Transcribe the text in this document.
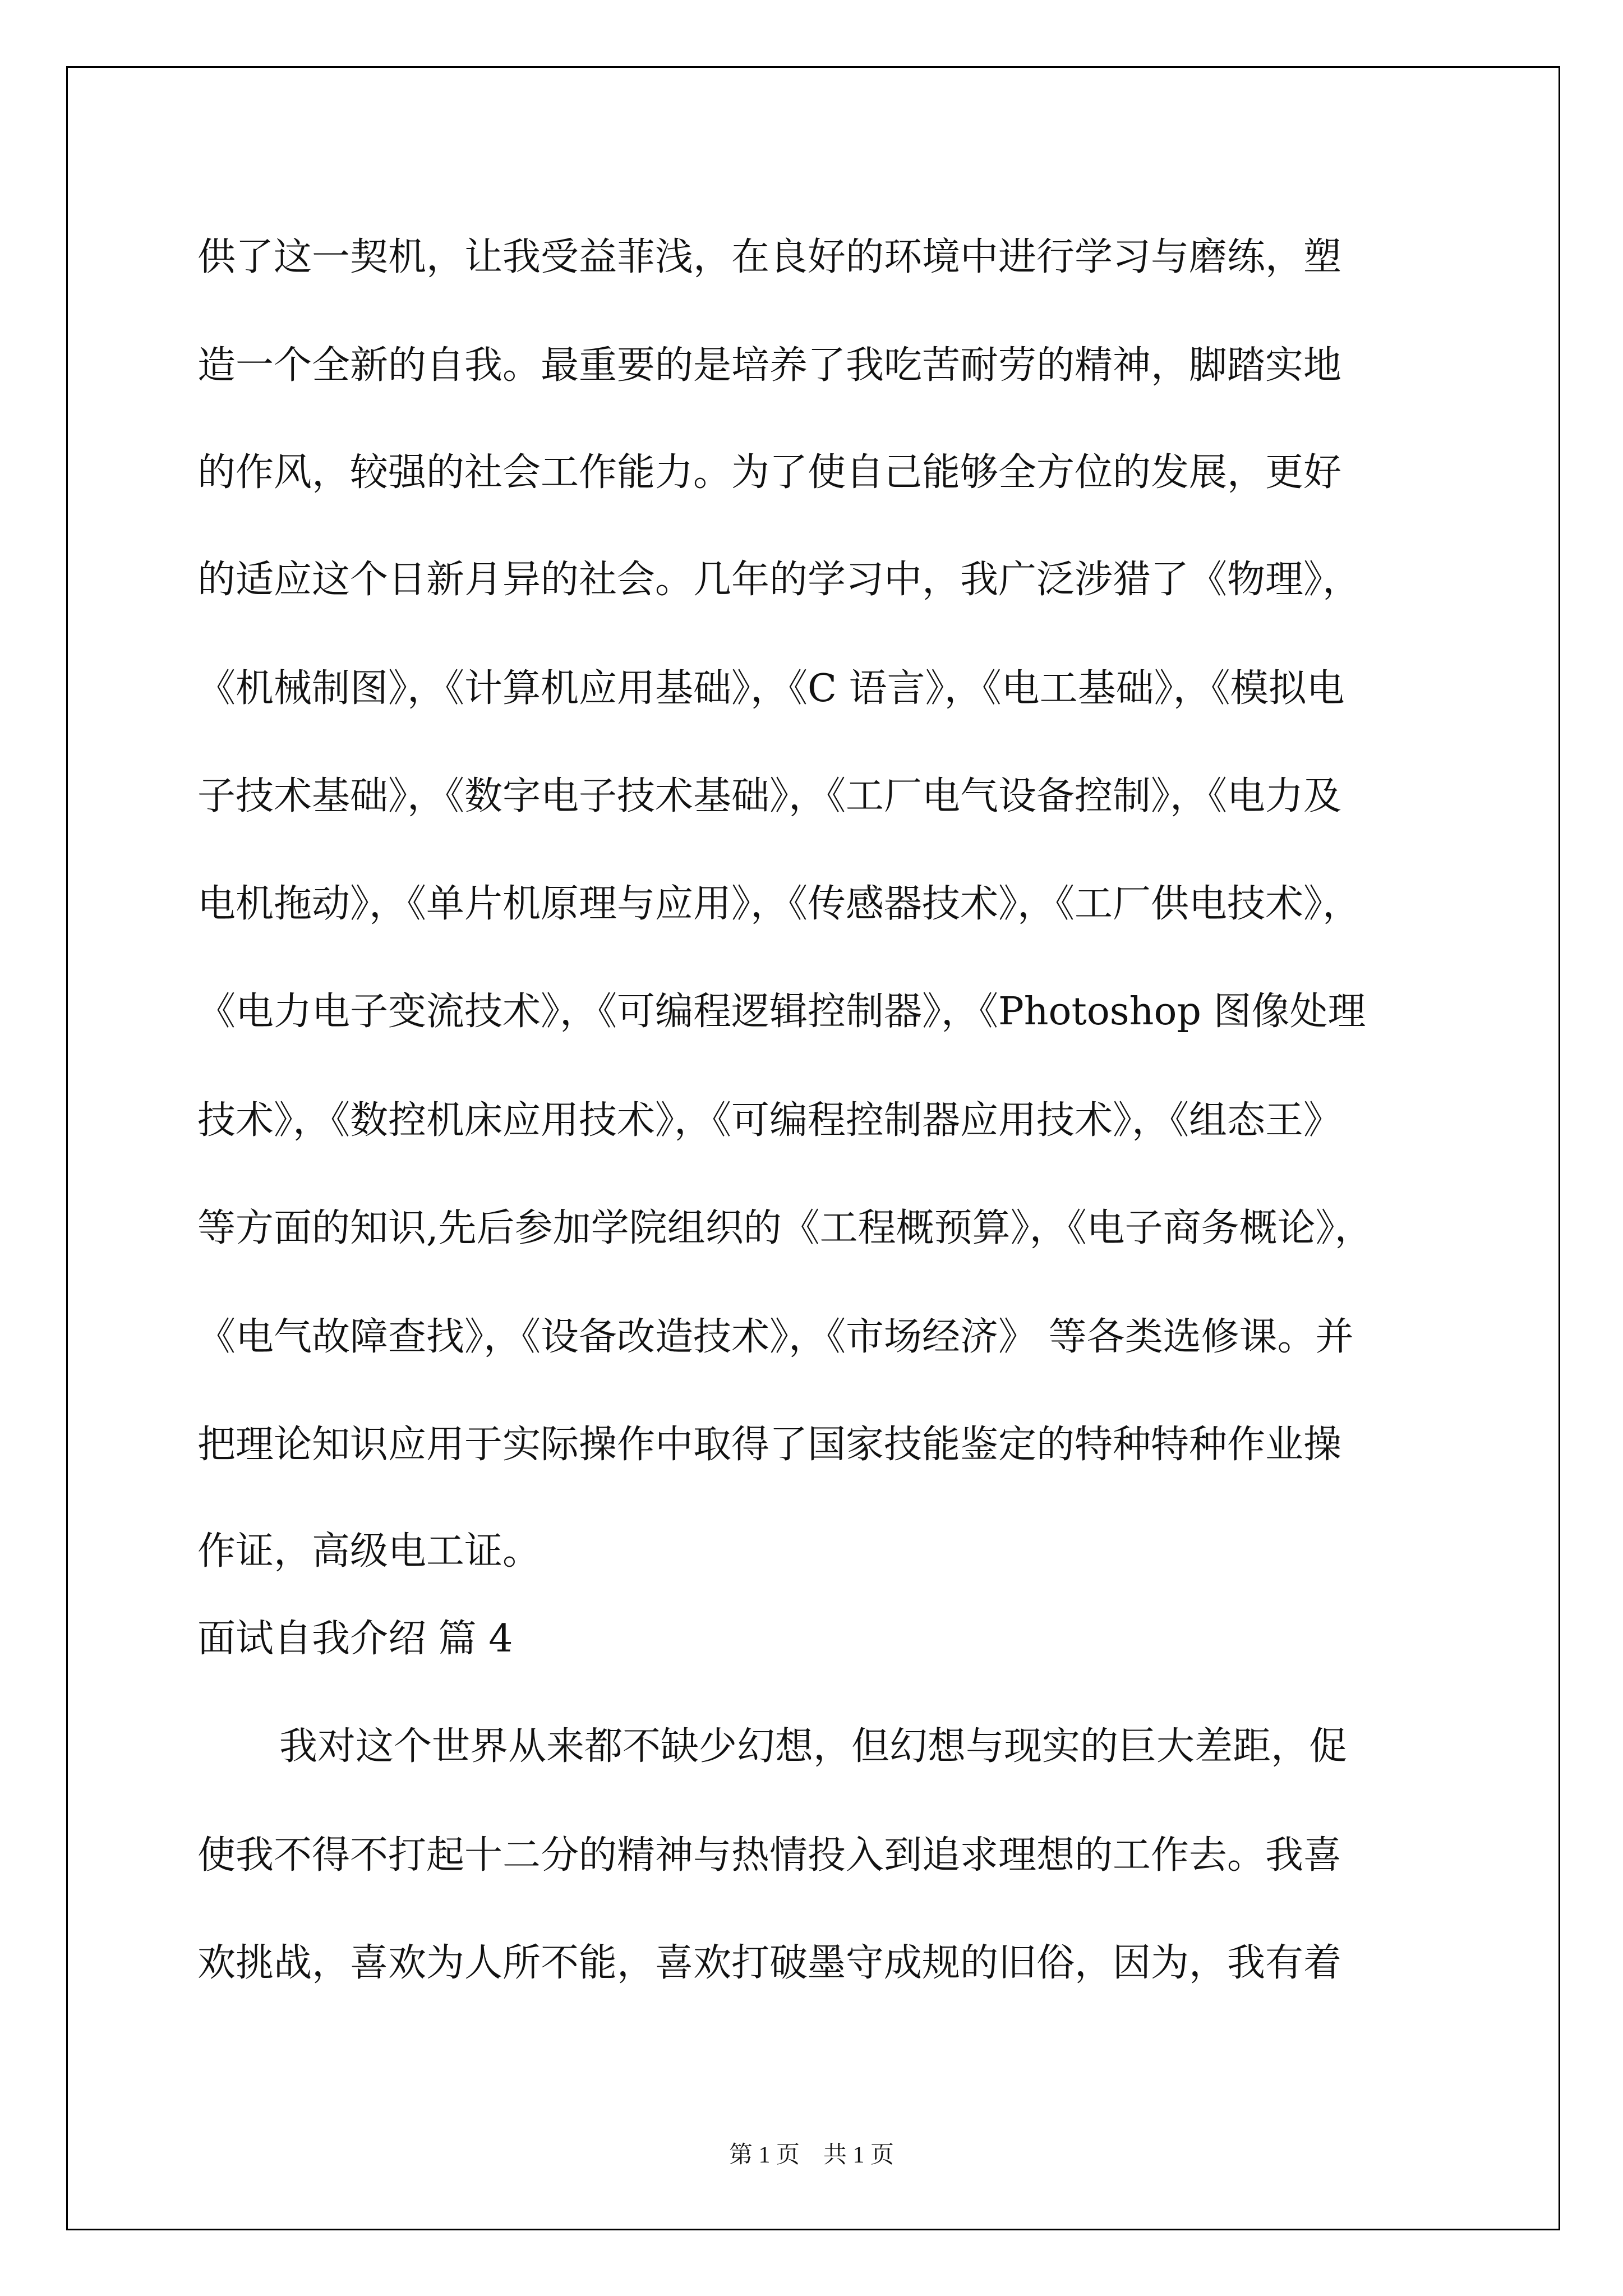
供了这一契机，让我受益菲浅，在良好的环境中进行学习与磨练，塑

造一个全新的自我。最重要的是培养了我吃苦耐劳的精神，脚踏实地

的作风，较强的社会工作能力。为了使自己能够全方位的发展，更好

的适应这个日新月异的社会。几年的学习中，我广泛涉猎了《物理》，

《机械制图》，《计算机应用基础》，《C 语言》，《电工基础》，《模拟电

子技术基础》，《数字电子技术基础》，《工厂电气设备控制》，《电力及

电机拖动》，《单片机原理与应用》，《传感器技术》，《工厂供电技术》，

《电力电子变流技术》，《可编程逻辑控制器》，《Photoshop 图像处理

技术》，《数控机床应用技术》，《可编程控制器应用技术》，《组态王》

等方面的知识,先后参加学院组织的《工程概预算》，《电子商务概论》，

《电气故障查找》，《设备改造技术》，《市场经济》 等各类选修课。并

把理论知识应用于实际操作中取得了国家技能鉴定的特种特种作业操

作证，高级电工证。

面试自我介绍 篇 4

我对这个世界从来都不缺少幻想，但幻想与现实的巨大差距，促

使我不得不打起十二分的精神与热情投入到追求理想的工作去。我喜

欢挑战，喜欢为人所不能，喜欢打破墨守成规的旧俗，因为，我有着

第 1 页　共 1 页
